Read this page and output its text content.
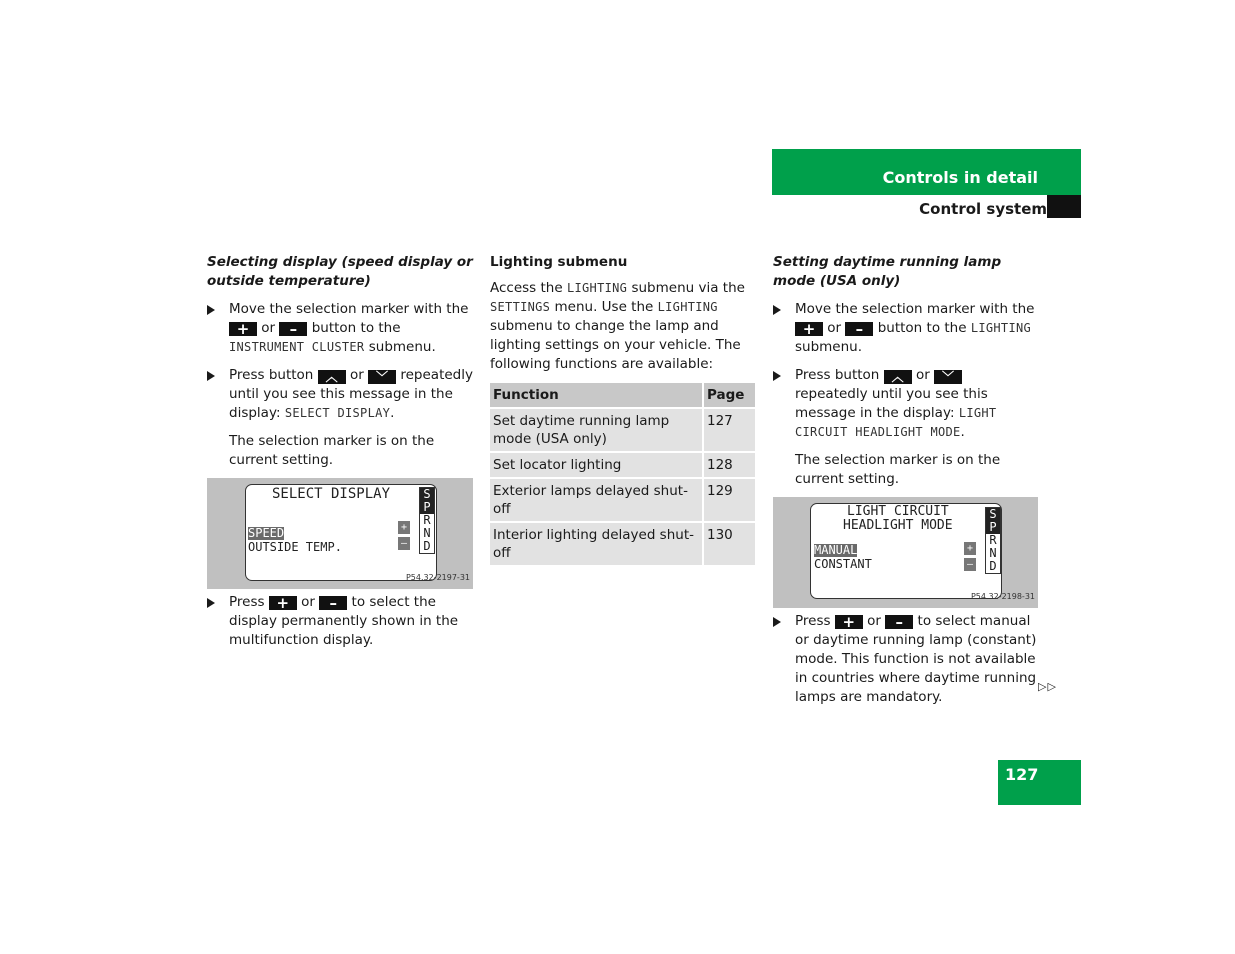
Controls in detail
Control system
Selecting display (speed display or outside temperature)
Move the selection marker with the + or – button to the INSTRUMENT CLUSTER submenu.
Press button ︿ or ﹀ repeatedly until you see this message in the display: SELECT DISPLAY.
The selection marker is on the current setting.
SELECT DISPLAY
SPEED
OUTSIDE TEMP.
+
–
S
P
R
N
D
P54.32-2197-31
Press + or – to select the display permanently shown in the multifunction display.
Lighting submenu
Access the LIGHTING submenu via the SETTINGS menu. Use the LIGHTING submenu to change the lamp and lighting settings on your vehicle. The following functions are available:
Function	Page
Set daytime running lamp mode (USA only)	127
Set locator lighting	128
Exterior lamps delayed shut-off	129
Interior lighting delayed shut-off	130
Setting daytime running lamp mode (USA only)
Move the selection marker with the + or – button to the LIGHTING submenu.
Press button ︿ or ﹀ repeatedly until you see this message in the display: LIGHT CIRCUIT HEADLIGHT MODE.
The selection marker is on the current setting.
LIGHT CIRCUIT
HEADLIGHT MODE
MANUAL
CONSTANT
+
–
S
P
R
N
D
P54.32-2198-31
Press + or – to select manual or daytime running lamp (constant) mode. This function is not available in countries where daytime running lamps are mandatory.
▷▷
127
